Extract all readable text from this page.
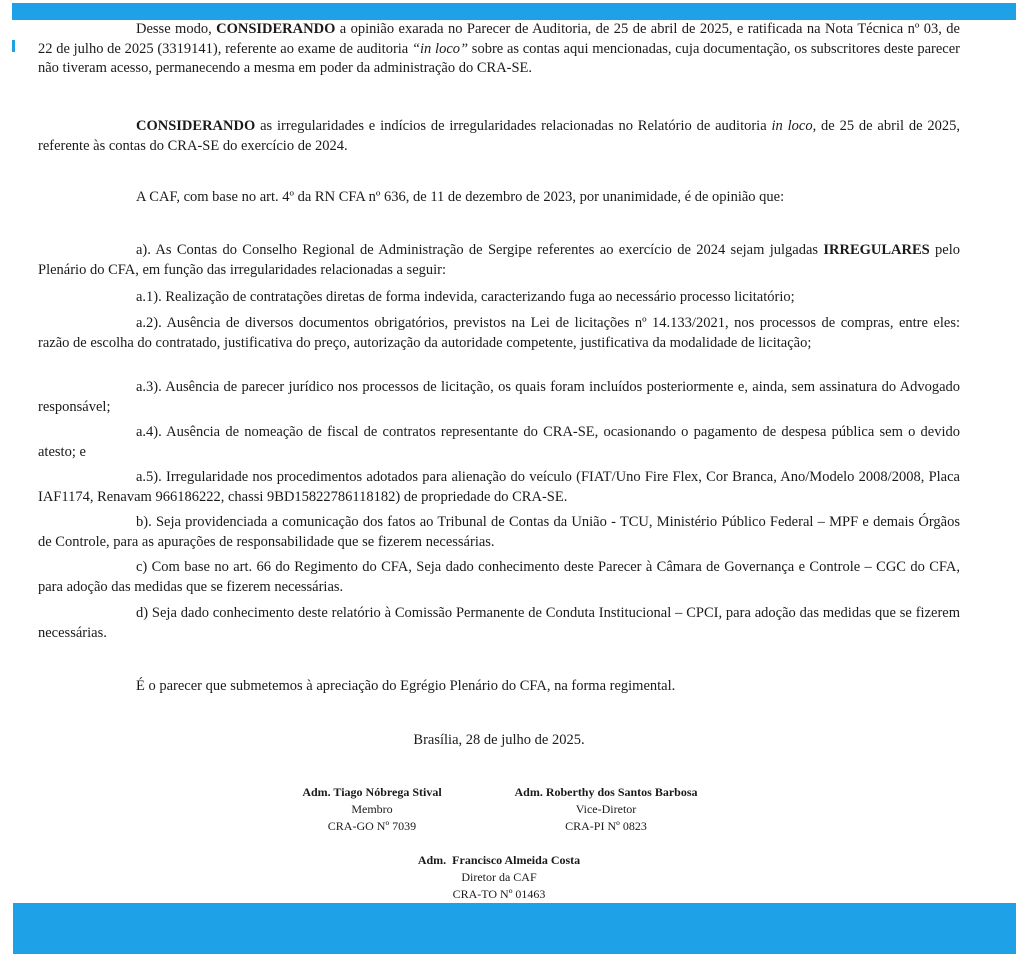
Desse modo, CONSIDERANDO a opinião exarada no Parecer de Auditoria, de 25 de abril de 2025, e ratificada na Nota Técnica nº 03, de 22 de julho de 2025 (3319141), referente ao exame de auditoria “in loco” sobre as contas aqui mencionadas, cuja documentação, os subscritores deste parecer não tiveram acesso, permanecendo a mesma em poder da administração do CRA-SE.

CONSIDERANDO as irregularidades e indícios de irregularidades relacionadas no Relatório de auditoria in loco, de 25 de abril de 2025, referente às contas do CRA-SE do exercício de 2024.

A CAF, com base no art. 4º da RN CFA nº 636, de 11 de dezembro de 2023, por unanimidade, é de opinião que:

a). As Contas do Conselho Regional de Administração de Sergipe referentes ao exercício de 2024 sejam julgadas IRREGULARES pelo Plenário do CFA, em função das irregularidades relacionadas a seguir:

a.1). Realização de contratações diretas de forma indevida, caracterizando fuga ao necessário processo licitatório;

a.2). Ausência de diversos documentos obrigatórios, previstos na Lei de licitações nº 14.133/2021, nos processos de compras, entre eles: razão de escolha do contratado, justificativa do preço, autorização da autoridade competente, justificativa da modalidade de licitação;

a.3). Ausência de parecer jurídico nos processos de licitação, os quais foram incluídos posteriormente e, ainda, sem assinatura do Advogado responsável;

a.4). Ausência de nomeação de fiscal de contratos representante do CRA-SE, ocasionando o pagamento de despesa pública sem o devido atesto; e

a.5). Irregularidade nos procedimentos adotados para alienação do veículo (FIAT/Uno Fire Flex, Cor Branca, Ano/Modelo 2008/2008, Placa IAF1174, Renavam 966186222, chassi 9BD15822786118182) de propriedade do CRA-SE.

b). Seja providenciada a comunicação dos fatos ao Tribunal de Contas da União - TCU, Ministério Público Federal – MPF e demais Órgãos de Controle, para as apurações de responsabilidade que se fizerem necessárias.

c) Com base no art. 66 do Regimento do CFA, Seja dado conhecimento deste Parecer à Câmara de Governança e Controle – CGC do CFA, para adoção das medidas que se fizerem necessárias.

d) Seja dado conhecimento deste relatório à Comissão Permanente de Conduta Institucional – CPCI, para adoção das medidas que se fizerem necessárias.

É o parecer que submetemos à apreciação do Egrégio Plenário do CFA, na forma regimental.

Brasília, 28 de julho de 2025.

Adm. Tiago Nóbrega Stival
Membro
CRA-GO Nº 7039
Adm. Roberthy dos Santos Barbosa
Vice-Diretor
CRA-PI Nº 0823
Adm.  Francisco Almeida Costa
Diretor da CAF
CRA-TO Nº 01463
